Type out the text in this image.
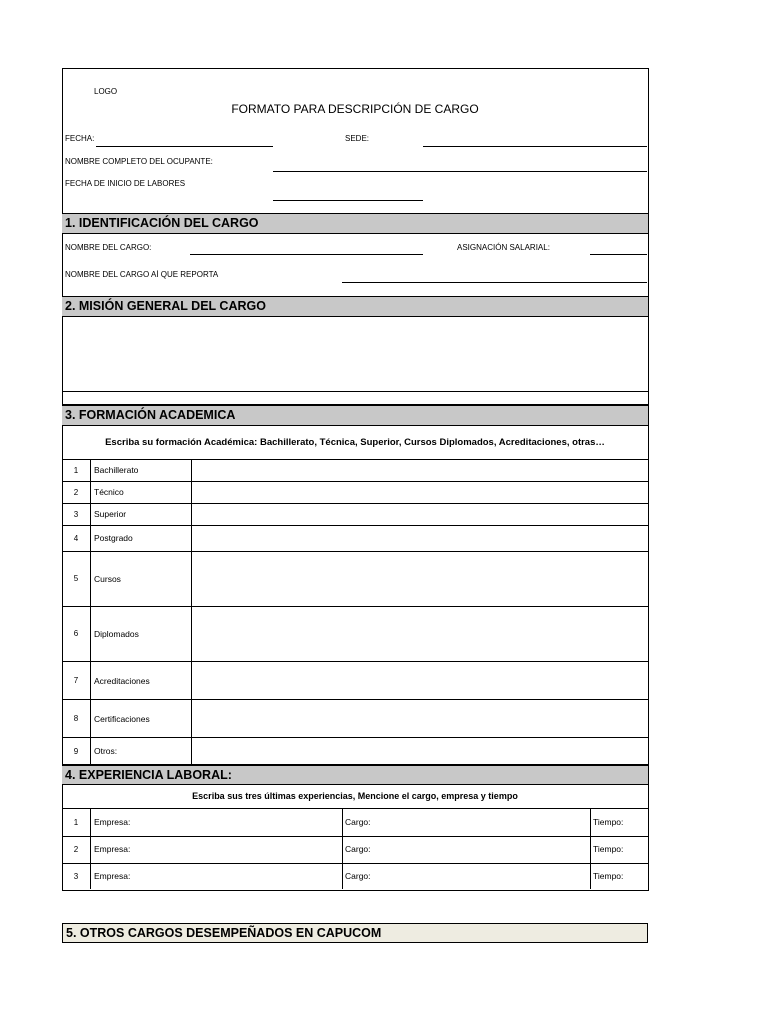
LOGO
FORMATO PARA DESCRIPCIÓN DE CARGO
FECHA:	SEDE:
NOMBRE COMPLETO DEL OCUPANTE:
FECHA DE INICIO DE LABORES
1. IDENTIFICACIÓN DEL CARGO
NOMBRE DEL CARGO:	ASIGNACIÓN SALARIAL:
NOMBRE DEL CARGO Aİ QUE REPORTA
2. MISIÓN GENERAL DEL CARGO
3. FORMACIÓN ACADEMICA
Escriba su formación Académica: Bachillerato, Técnica, Superior, Cursos Diplomados, Acreditaciones, otras…
1	Bachillerato
2	Técnico
3	Superior
4	Postgrado
5	Cursos
6	Diplomados
7	Acreditaciones
8	Certificaciones
9	Otros:
4. EXPERIENCIA LABORAL:
Escriba sus tres últimas experiencias, Mencione el cargo, empresa y tiempo
1	Empresa:	Cargo:	Tiempo:
2	Empresa:	Cargo:	Tiempo:
3	Empresa:	Cargo:	Tiempo:
5. OTROS CARGOS DESEMPEÑADOS EN CAPUCOM
